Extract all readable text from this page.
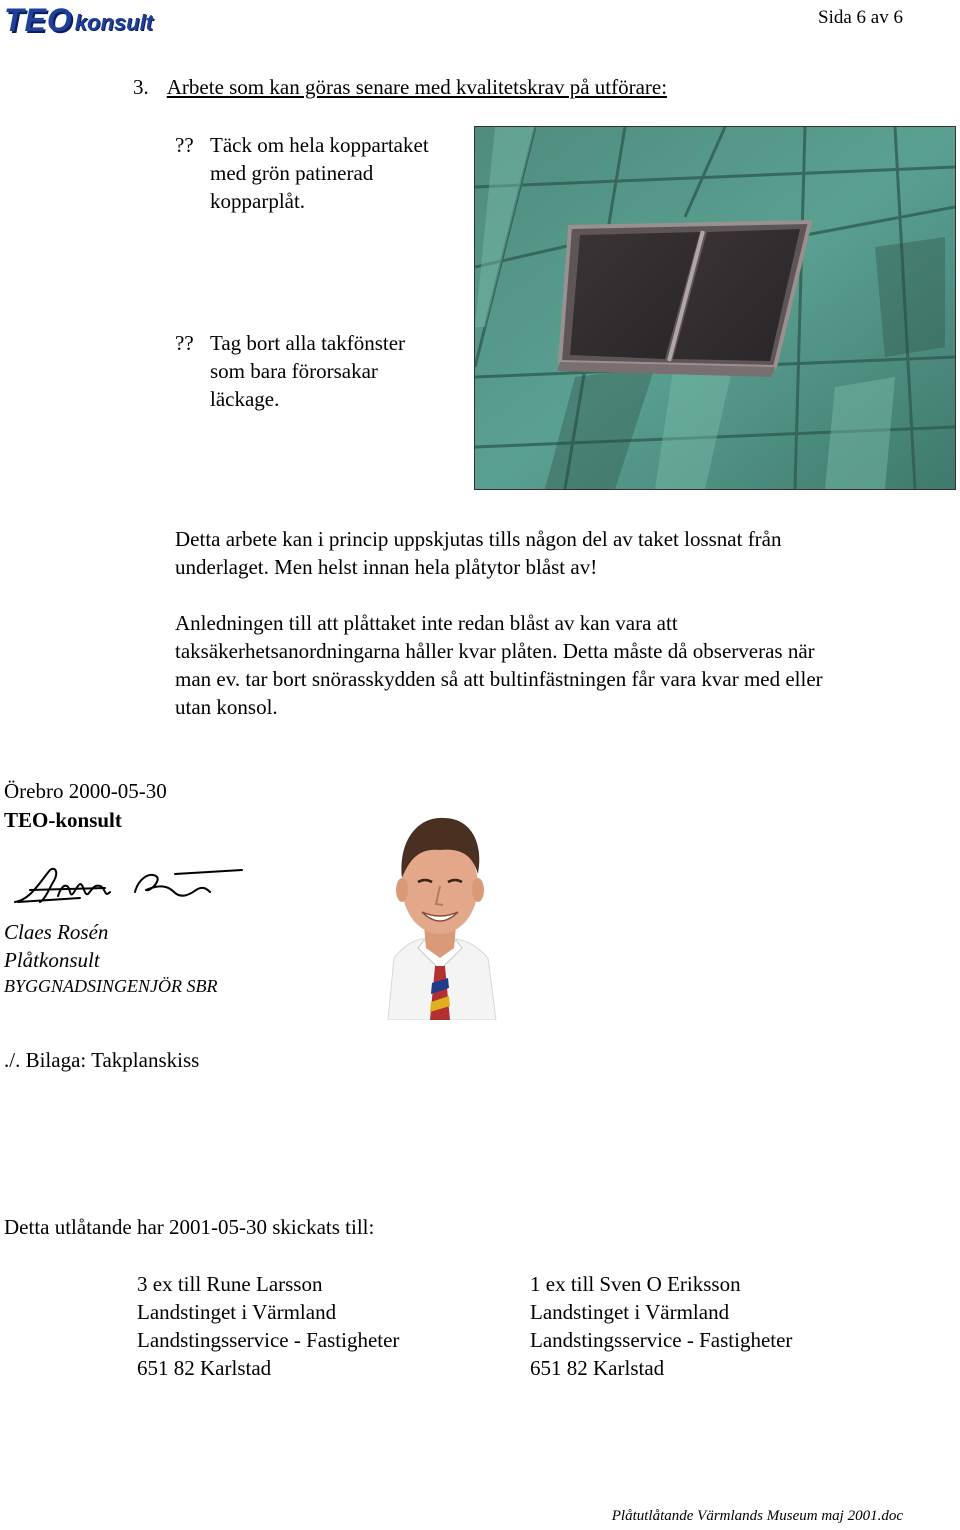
TEO konsult	Sida 6 av 6
3. Arbete som kan göras senare med kvalitetskrav på utförare:
?? Täck om hela koppartaket
med grön patinerad
kopparplåt.
?? Tag bort alla takfönster
som bara förorsakar
läckage.
Detta arbete kan i princip uppskjutas tills någon del av taket lossnat från
underlaget. Men helst innan hela plåtytor blåst av!
Anledningen till att plåttaket inte redan blåst av kan vara att
taksäkerhetsanordningarna håller kvar plåten. Detta måste då observeras när
man ev. tar bort snörasskydden så att bultinfästningen får vara kvar med eller
utan konsol.
Örebro 2000-05-30
TEO-konsult
Claes Rosén
Plåtkonsult
BYGGNADSINGENJÖR SBR
./. Bilaga: Takplanskiss
Detta utlåtande har 2001-05-30 skickats till:
3 ex till Rune Larsson
Landstinget i Värmland
Landstingsservice - Fastigheter
651 82 Karlstad
1 ex till Sven O Eriksson
Landstinget i Värmland
Landstingsservice - Fastigheter
651 82 Karlstad
Plåtutlåtande Värmlands Museum maj 2001.doc
